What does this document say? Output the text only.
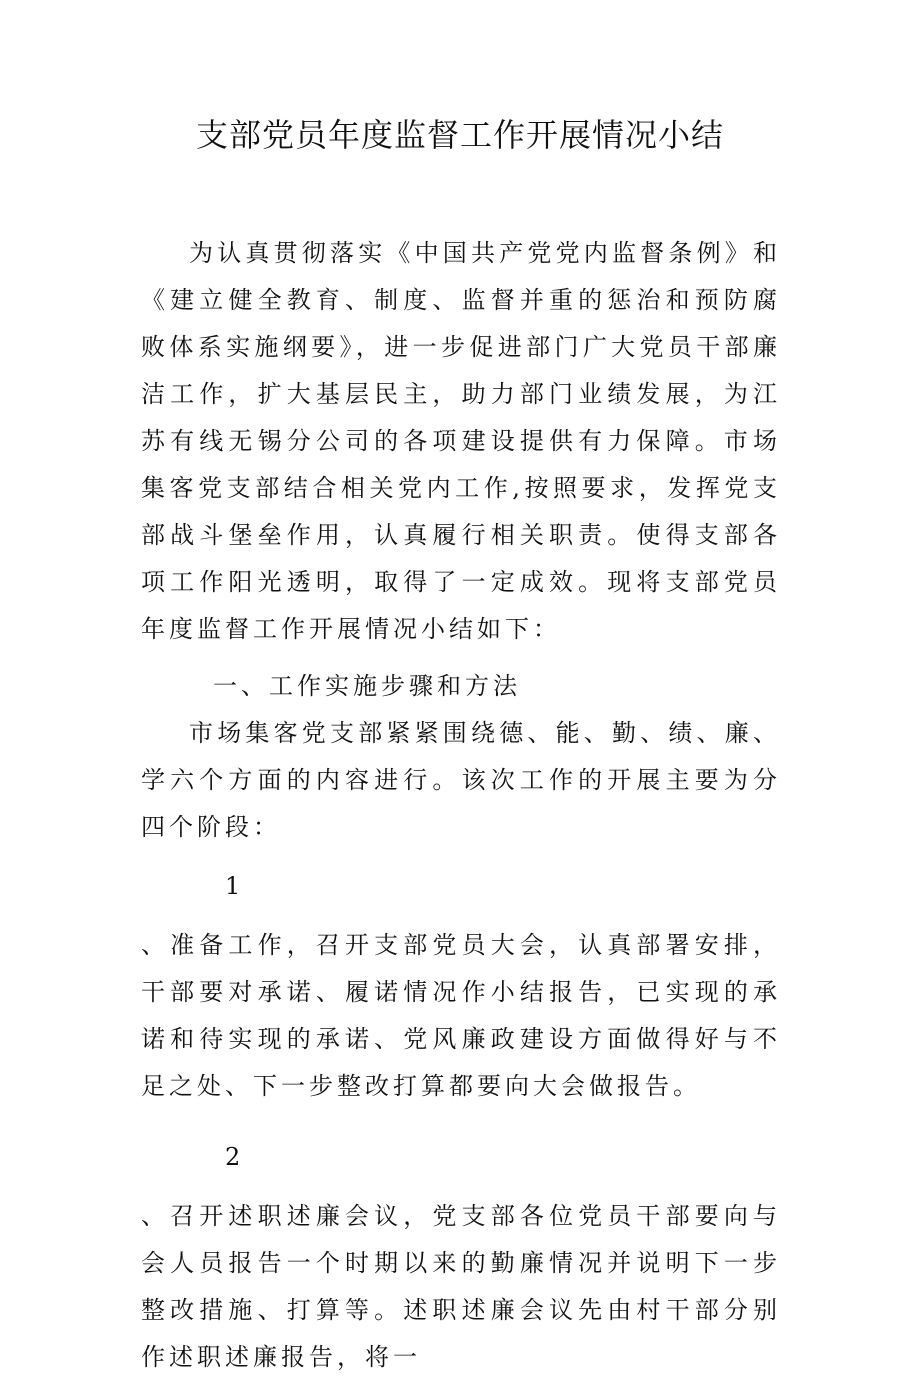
支部党员年度监督工作开展情况小结

为认真贯彻落实《中国共产党党内监督条例》和《建立健全教育、制度、监督并重的惩治和预防腐败体系实施纲要》，进一步促进部门广大党员干部廉洁工作，扩大基层民主，助力部门业绩发展，为江苏有线无锡分公司的各项建设提供有力保障。市场集客党支部结合相关党内工作,按照要求，发挥党支部战斗堡垒作用，认真履行相关职责。使得支部各项工作阳光透明，取得了一定成效。现将支部党员年度监督工作开展情况小结如下：

一、工作实施步骤和方法

市场集客党支部紧紧围绕德、能、勤、绩、廉、学六个方面的内容进行。该次工作的开展主要为分四个阶段：

1

、准备工作，召开支部党员大会，认真部署安排，干部要对承诺、履诺情况作小结报告，已实现的承诺和待实现的承诺、党风廉政建设方面做得好与不足之处、下一步整改打算都要向大会做报告。

2

、召开述职述廉会议，党支部各位党员干部要向与会人员报告一个时期以来的勤廉情况并说明下一步整改措施、打算等。述职述廉会议先由村干部分别作述职述廉报告，将一
